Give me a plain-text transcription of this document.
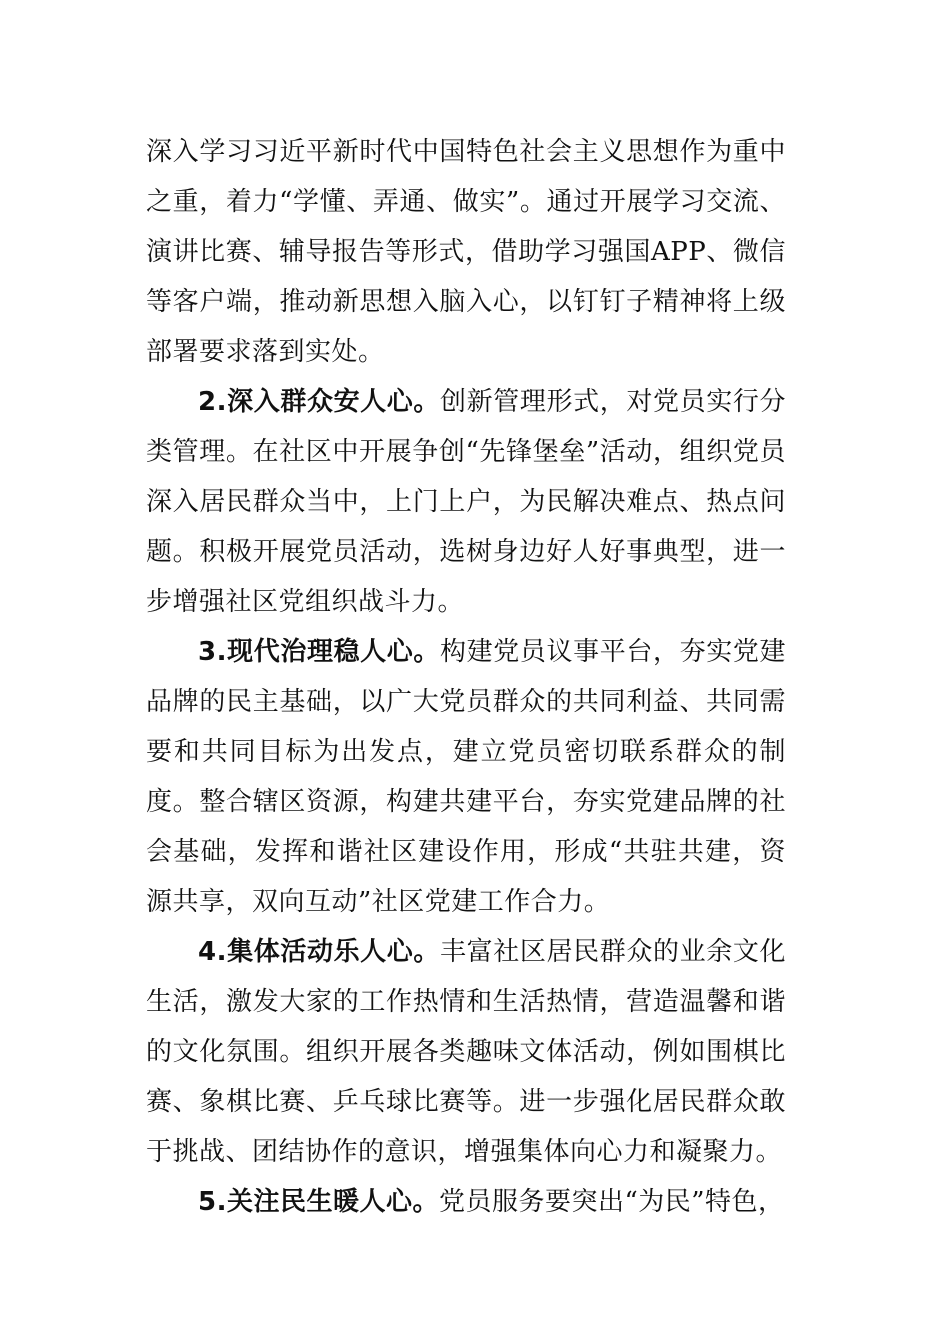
深入学习习近平新时代中国特色社会主义思想作为重中之重，着力“学懂、弄通、做实”。通过开展学习交流、演讲比赛、辅导报告等形式，借助学习强国APP、微信等客户端，推动新思想入脑入心，以钉钉子精神将上级部署要求落到实处。

2.深入群众安人心。创新管理形式，对党员实行分类管理。在社区中开展争创“先锋堡垒”活动，组织党员深入居民群众当中，上门上户，为民解决难点、热点问题。积极开展党员活动，选树身边好人好事典型，进一步增强社区党组织战斗力。

3.现代治理稳人心。构建党员议事平台，夯实党建品牌的民主基础，以广大党员群众的共同利益、共同需要和共同目标为出发点，建立党员密切联系群众的制度。整合辖区资源，构建共建平台，夯实党建品牌的社会基础，发挥和谐社区建设作用，形成“共驻共建，资源共享，双向互动”社区党建工作合力。

4.集体活动乐人心。丰富社区居民群众的业余文化生活，激发大家的工作热情和生活热情，营造温馨和谐的文化氛围。组织开展各类趣味文体活动，例如围棋比赛、象棋比赛、乒乓球比赛等。进一步强化居民群众敢于挑战、团结协作的意识，增强集体向心力和凝聚力。

5.关注民生暖人心。党员服务要突出“为民”特色，
